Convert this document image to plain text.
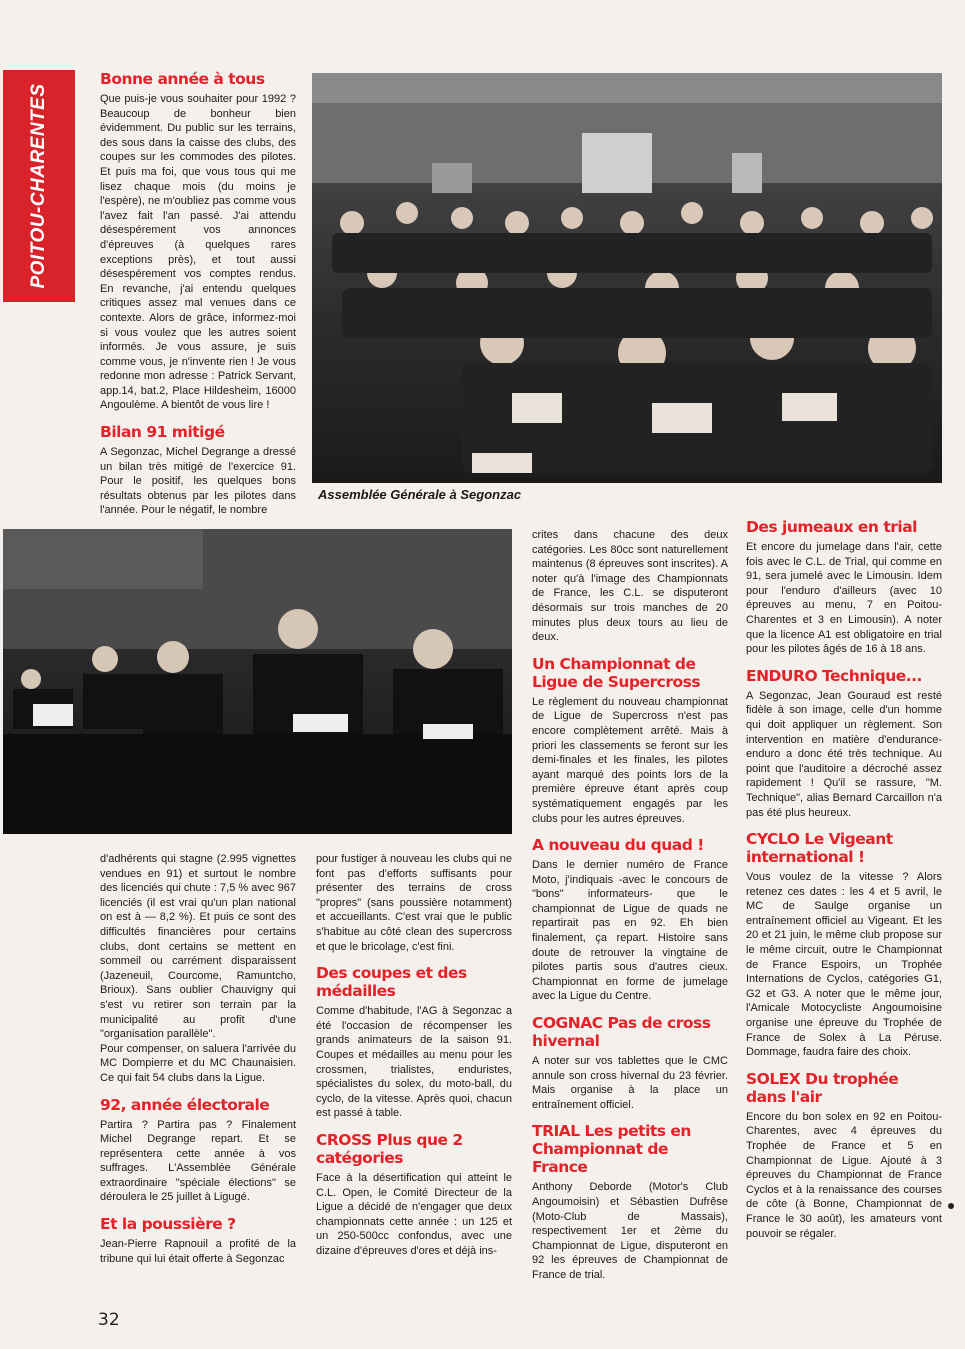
POITOU-CHARENTES
Bonne année à tous

Que puis-je vous souhaiter pour 1992 ? Beaucoup de bonheur bien évidemment. Du public sur les terrains, des sous dans la caisse des clubs, des coupes sur les commodes des pilotes. Et puis ma foi, que vous tous qui me lisez chaque mois (du moins je l'espère), ne m'oubliez pas comme vous l'avez fait l'an passé. J'ai attendu désespérement vos annonces d'épreuves (à quelques rares exceptions près), et tout aussi désespérement vos comptes rendus. En revanche, j'ai entendu quelques critiques assez mal venues dans ce contexte. Alors de grâce, informez-moi si vous voulez que les autres soient informés. Je vous assure, je suis comme vous, je n'invente rien ! Je vous redonne mon adresse : Patrick Servant, app.14, bat.2, Place Hildesheim, 16000 Angoulème. A bientôt de vous lire !

Bilan 91 mitigé

A Segonzac, Michel Degrange a dressé un bilan très mitigé de l'exercice 91. Pour le positif, les quelques bons résultats obtenus par les pilotes dans l'année. Pour le négatif, le nombre

Assemblée Générale à Segonzac

d'adhérents qui stagne (2.995 vignettes vendues en 91) et surtout le nombre des licenciés qui chute : 7,5 % avec 967 licenciés (il est vrai qu'un plan national on est à — 8,2 %). Et puis ce sont des difficultés financières pour certains clubs, dont certains se mettent en sommeil ou carrément disparaissent (Jazeneuil, Courcome, Ramuntcho, Brioux). Sans oublier Chauvigny qui s'est vu retirer son terrain par la municipalité au profit d'une "organisation parallèle".

Pour compenser, on saluera l'arrivée du MC Dompierre et du MC Chaunaisien. Ce qui fait 54 clubs dans la Ligue.

92, année électorale

Partira ? Partira pas ? Finalement Michel Degrange repart. Et se représentera cette année à vos suffrages. L'Assemblée Générale extraordinaire "spéciale élections" se déroulera le 25 juillet à Ligugé.

Et la poussière ?

Jean-Pierre Rapnouil a profité de la tribune qui lui était offerte à Segonzac

pour fustiger à nouveau les clubs qui ne font pas d'efforts suffisants pour présenter des terrains de cross "propres" (sans poussière notamment) et accueillants. C'est vrai que le public s'habitue au côté clean des supercross et que le bricolage, c'est fini.

Des coupes et des médailles

Comme d'habitude, l'AG à Segonzac a été l'occasion de récompenser les grands animateurs de la saison 91. Coupes et médailles au menu pour les crossmen, trialistes, enduristes, spécialistes du solex, du moto-ball, du cyclo, de la vitesse. Après quoi, chacun est passé à table.

CROSS Plus que 2 catégories

Face à la désertification qui atteint le C.L. Open, le Comité Directeur de la Ligue a décidé de n'engager que deux championnats cette année : un 125 et un 250-500cc confondus, avec une dizaine d'épreuves d'ores et déjà ins-

crites dans chacune des deux catégories. Les 80cc sont naturellement maintenus (8 épreuves sont inscrites). A noter qu'à l'image des Championnats de France, les C.L. se disputeront désormais sur trois manches de 20 minutes plus deux tours au lieu de deux.

Un Championnat de Ligue de Supercross

Le règlement du nouveau championnat de Ligue de Supercross n'est pas encore complètement arrêté. Mais à priori les classements se feront sur les demi-finales et les finales, les pilotes ayant marqué des points lors de la première épreuve étant après coup systématiquement engagés par les clubs pour les autres épreuves.

A nouveau du quad !

Dans le dernier numéro de France Moto, j'indiquais -avec le concours de "bons" informateurs- que le championnat de Ligue de quads ne repartirait pas en 92. Eh bien finalement, ça repart. Histoire sans doute de retrouver la vingtaine de pilotes partis sous d'autres cieux. Championnat en forme de jumelage avec la Ligue du Centre.

COGNAC Pas de cross hivernal

A noter sur vos tablettes que le CMC annule son cross hivernal du 23 février. Mais organise à la place un entraînement officiel.

TRIAL Les petits en Championnat de France

Anthony Deborde (Motor's Club Angoumoisin) et Sébastien Dufrêse (Moto-Club de Massais), respectivement 1er et 2ème du Championnat de Ligue, disputeront en 92 les épreuves de Championnat de France de trial.

Des jumeaux en trial

Et encore du jumelage dans l'air, cette fois avec le C.L. de Trial, qui comme en 91, sera jumelé avec le Limousin. Idem pour l'enduro d'ailleurs (avec 10 épreuves au menu, 7 en Poitou-Charentes et 3 en Limousin). A noter que la licence A1 est obligatoire en trial pour les pilotes âgés de 16 à 18 ans.

ENDURO Technique...

A Segonzac, Jean Gouraud est resté fidèle à son image, celle d'un homme qui doit appliquer un règlement. Son intervention en matière d'endurance-enduro a donc été très technique. Au point que l'auditoire a décroché assez rapidement ! Qu'il se rassure, "M. Technique", alias Bernard Carcaillon n'a pas été plus heureux.

CYCLO Le Vigeant international !

Vous voulez de la vitesse ? Alors retenez ces dates : les 4 et 5 avril, le MC de Saulge organise un entraînement officiel au Vigeant. Et les 20 et 21 juin, le même club propose sur le même circuit, outre le Championnat de France Espoirs, un Trophée Internations de Cyclos, catégories G1, G2 et G3. A noter que le même jour, l'Amicale Motocycliste Angoumoisine organise une épreuve du Trophée de France de Solex à La Péruse. Dommage, faudra faire des choix.

SOLEX Du trophée dans l'air

Encore du bon solex en 92 en Poitou-Charentes, avec 4 épreuves du Trophée de France et 5 en Championnat de Ligue. Ajouté à 3 épreuves du Championnat de France Cyclos et à la renaissance des courses de côte (à Bonne, Championnat de France le 30 août), les amateurs vont pouvoir se régaler.

32
